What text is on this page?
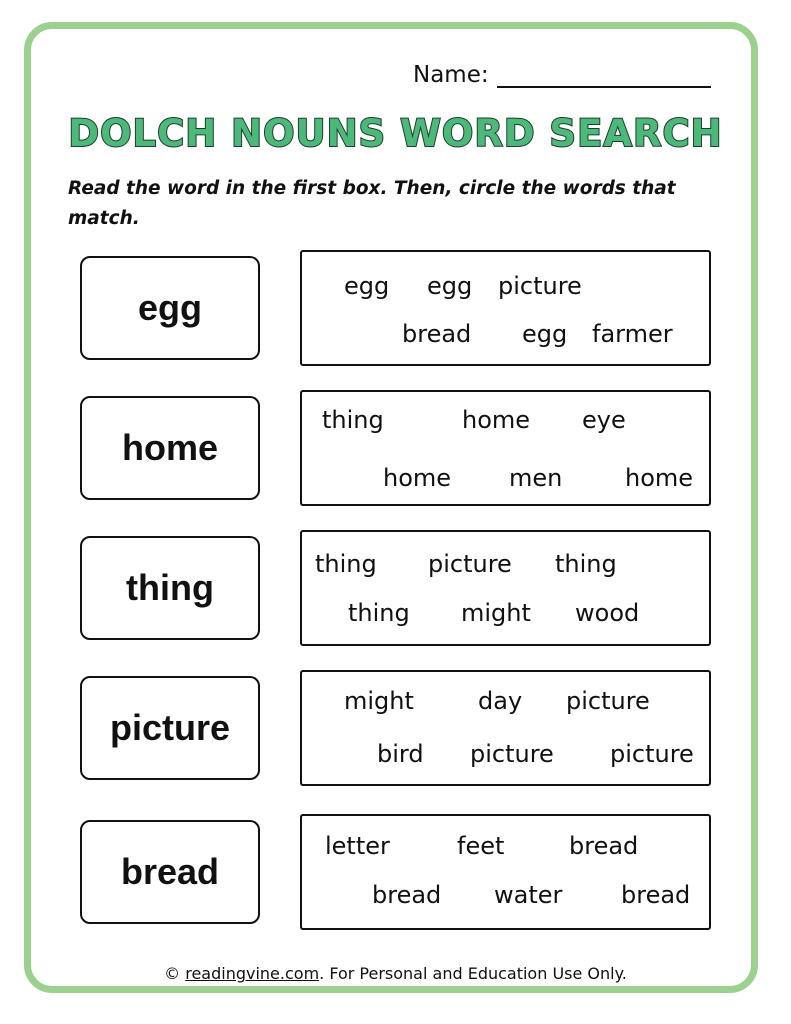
Name:
DOLCH NOUNS WORD SEARCH
Read the word in the first box. Then, circle the words that match.
egg
egg egg picture
bread egg farmer
home
thing	home eye
home men	home
thing
thing picture thing
thing might wood
picture
might	day picture
bird picture picture
bread
letter	feet	bread
bread water bread
© readingvine.com. For Personal and Education Use Only.
